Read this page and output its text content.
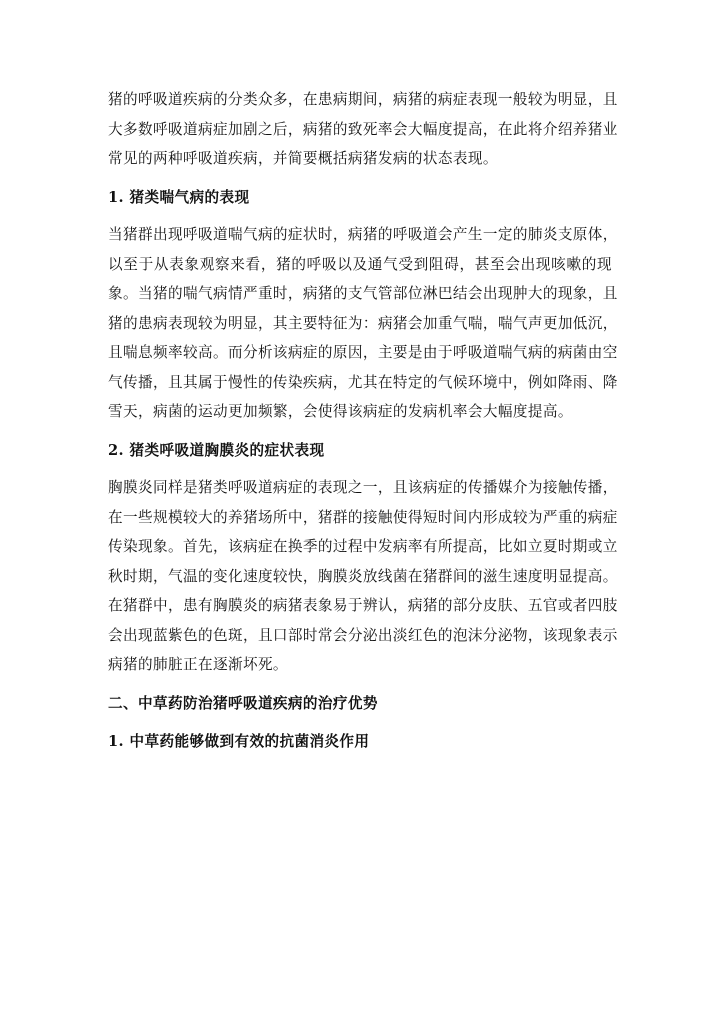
猪的呼吸道疾病的分类众多，在患病期间，病猪的病症表现一般较为明显，且
大多数呼吸道病症加剧之后，病猪的致死率会大幅度提高，在此将介绍养猪业
常见的两种呼吸道疾病，并简要概括病猪发病的状态表现。

1. 猪类喘气病的表现

当猪群出现呼吸道喘气病的症状时，病猪的呼吸道会产生一定的肺炎支原体，
以至于从表象观察来看，猪的呼吸以及通气受到阻碍，甚至会出现咳嗽的现
象。当猪的喘气病情严重时，病猪的支气管部位淋巴结会出现肿大的现象，且
猪的患病表现较为明显，其主要特征为：病猪会加重气喘，喘气声更加低沉，
且喘息频率较高。而分析该病症的原因，主要是由于呼吸道喘气病的病菌由空
气传播，且其属于慢性的传染疾病，尤其在特定的气候环境中，例如降雨、降
雪天，病菌的运动更加频繁，会使得该病症的发病机率会大幅度提高。

2. 猪类呼吸道胸膜炎的症状表现

胸膜炎同样是猪类呼吸道病症的表现之一，且该病症的传播媒介为接触传播，
在一些规模较大的养猪场所中，猪群的接触使得短时间内形成较为严重的病症
传染现象。首先，该病症在换季的过程中发病率有所提高，比如立夏时期或立
秋时期，气温的变化速度较快，胸膜炎放线菌在猪群间的滋生速度明显提高。
在猪群中，患有胸膜炎的病猪表象易于辨认，病猪的部分皮肤、五官或者四肢
会出现蓝紫色的色斑，且口部时常会分泌出淡红色的泡沫分泌物，该现象表示
病猪的肺脏正在逐渐坏死。

二、中草药防治猪呼吸道疾病的治疗优势
1. 中草药能够做到有效的抗菌消炎作用
